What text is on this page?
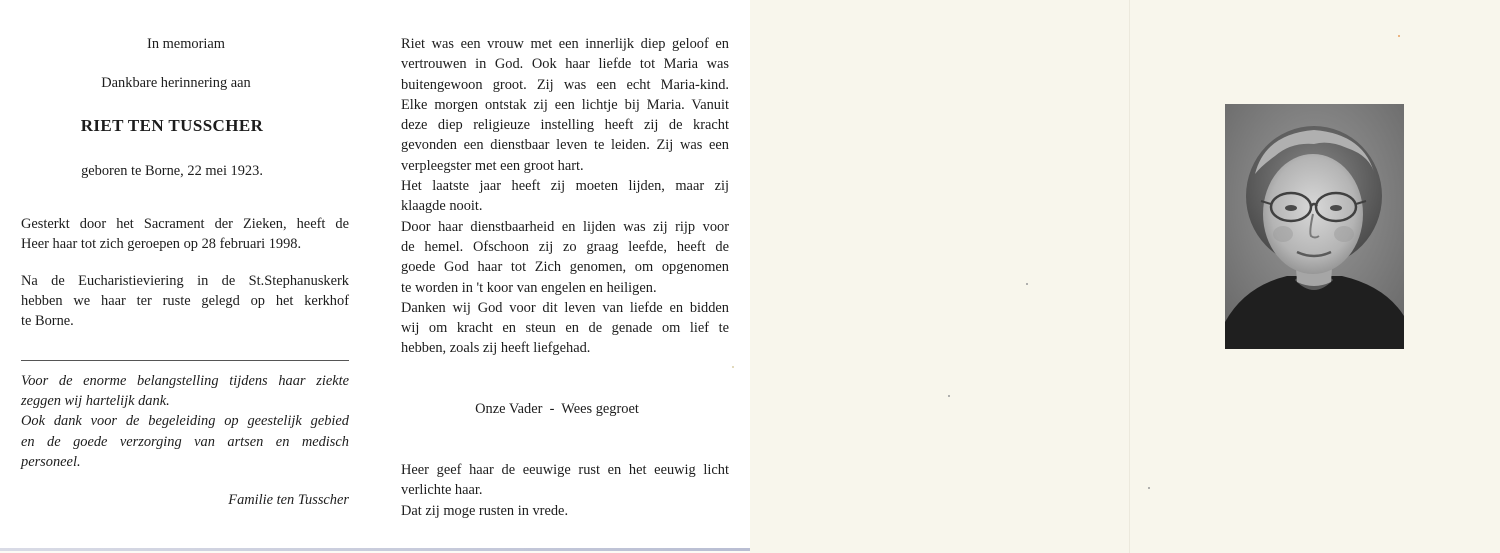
In memoriam
Dankbare herinnering aan
RIET TEN TUSSCHER
geboren te Borne, 22 mei 1923.
Gesterkt door het Sacrament der Zieken, heeft de
Heer haar tot zich geroepen op 28 februari 1998.
Na de Eucharistieviering in de St.Stephanuskerk
hebben we haar ter ruste gelegd op het kerkhof
te Borne.
Voor de enorme belangstelling tijdens haar ziekte
zeggen wij hartelijk dank.
Ook dank voor de begeleiding op geestelijk gebied
en de goede verzorging van artsen en medisch
personeel.
Familie ten Tusscher
Riet was een vrouw met een innerlijk diep geloof en
vertrouwen in God. Ook haar liefde tot Maria was
buitengewoon groot. Zij was een echt Maria-kind.
Elke morgen ontstak zij een lichtje bij Maria. Vanuit
deze diep religieuze instelling heeft zij de kracht
gevonden een dienstbaar leven te leiden. Zij was een
verpleegster met een groot hart.
Het laatste jaar heeft zij moeten lijden, maar zij
klaagde nooit.
Door haar dienstbaarheid en lijden was zij rijp voor
de hemel. Ofschoon zij zo graag leefde, heeft de
goede God haar tot Zich genomen, om opgenomen
te worden in 't koor van engelen en heiligen.
Danken wij God voor dit leven van liefde en bidden
wij om kracht en steun en de genade om lief te
hebben, zoals zij heeft liefgehad.
Onze Vader  -  Wees gegroet
Heer geef haar de eeuwige rust en het eeuwig licht
verlichte haar.
Dat zij moge rusten in vrede.
